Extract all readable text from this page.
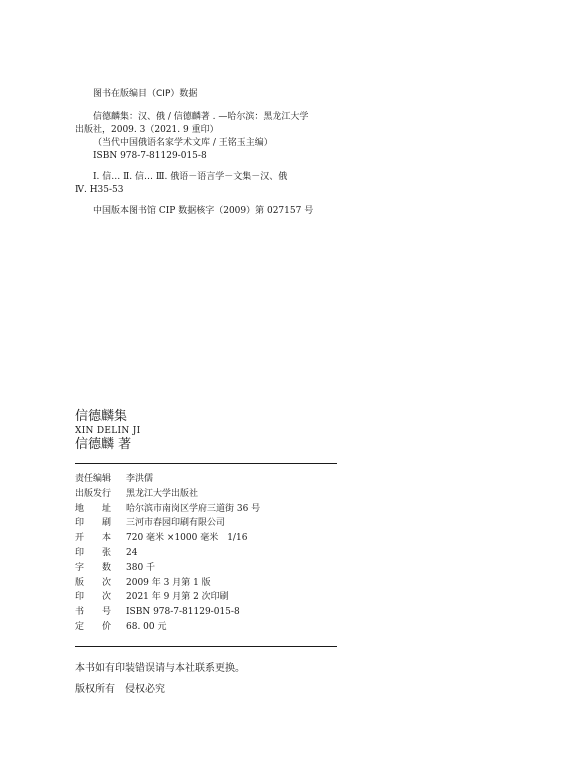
图书在版编目（CIP）数据
信德麟集：汉、俄 / 信德麟著 . —哈尔滨：黑龙江大学
出版社，2009. 3（2021. 9 重印）
（当代中国俄语名家学术文库 / 王铭玉主编）
ISBN 978-7-81129-015-8
Ⅰ. 信… Ⅱ. 信… Ⅲ. 俄语－语言学－文集－汉、俄
Ⅳ. H35-53
中国版本图书馆 CIP 数据核字（2009）第 027157 号
信德麟集
XIN DELIN JI
信德麟 著
责任编辑 李洪儒
出版发行 黑龙江大学出版社
地　　址 哈尔滨市南岗区学府三道街 36 号
印　　刷 三河市春园印刷有限公司
开　　本 720 毫米 ×1000 毫米　1/16
印　　张 24
字　　数 380 千
版　　次 2009 年 3 月第 1 版
印　　次 2021 年 9 月第 2 次印刷
书　　号 ISBN 978-7-81129-015-8
定　　价 68. 00 元
本书如有印装错误请与本社联系更换。
版权所有　侵权必究
